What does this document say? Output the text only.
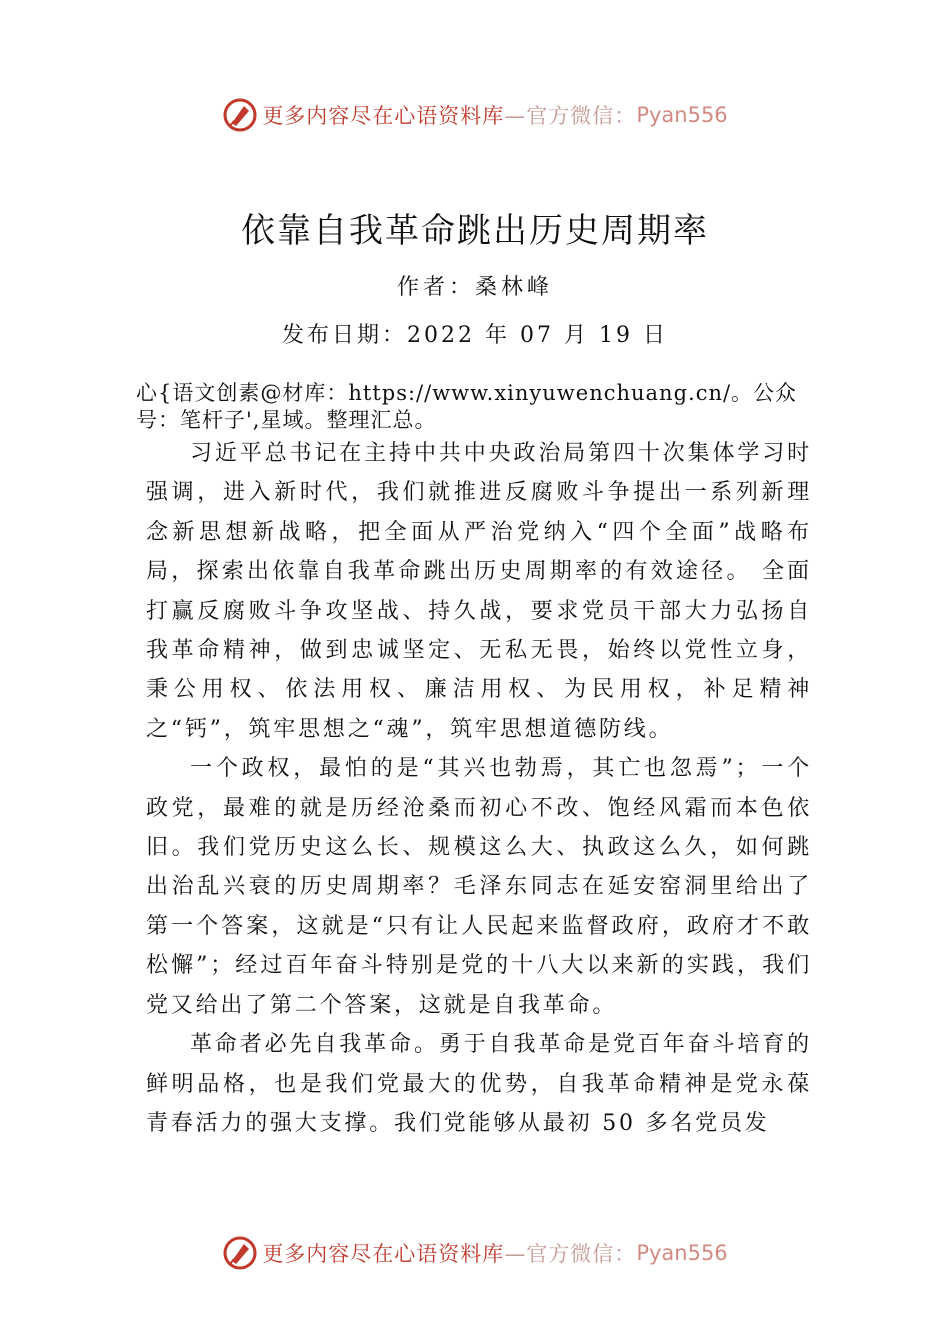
更多内容尽在心语资料库 —官方微信： Pyan556
依靠自我革命跳出历史周期率
作者：桑林峰
发布日期：2022 年 07 月 19 日
心{语文创素@材库：https://www.xinyuwenchuang.cn/。公众号：笔杆子',星域。整理汇总。

习近平总书记在主持中共中央政治局第四十次集体学习时强调，进入新时代，我们就推进反腐败斗争提出一系列新理念新思想新战略，把全面从严治党纳入“四个全面”战略布局，探索出依靠自我革命跳出历史周期率的有效途径。 全面打赢反腐败斗争攻坚战、持久战，要求党员干部大力弘扬自我革命精神，做到忠诚坚定、无私无畏，始终以党性立身，秉公用权、依法用权、廉洁用权、为民用权，补足精神之“钙”，筑牢思想之“魂”，筑牢思想道德防线。

一个政权，最怕的是“其兴也勃焉，其亡也忽焉”；一个政党，最难的就是历经沧桑而初心不改、饱经风霜而本色依旧。我们党历史这么长、规模这么大、执政这么久，如何跳出治乱兴衰的历史周期率？毛泽东同志在延安窑洞里给出了第一个答案，这就是“只有让人民起来监督政府，政府才不敢松懈”；经过百年奋斗特别是党的十八大以来新的实践，我们党又给出了第二个答案，这就是自我革命。

革命者必先自我革命。勇于自我革命是党百年奋斗培育的鲜明品格，也是我们党最大的优势，自我革命精神是党永葆青春活力的强大支撑。我们党能够从最初 50 多名党员发

更多内容尽在心语资料库 —官方微信： Pyan556
